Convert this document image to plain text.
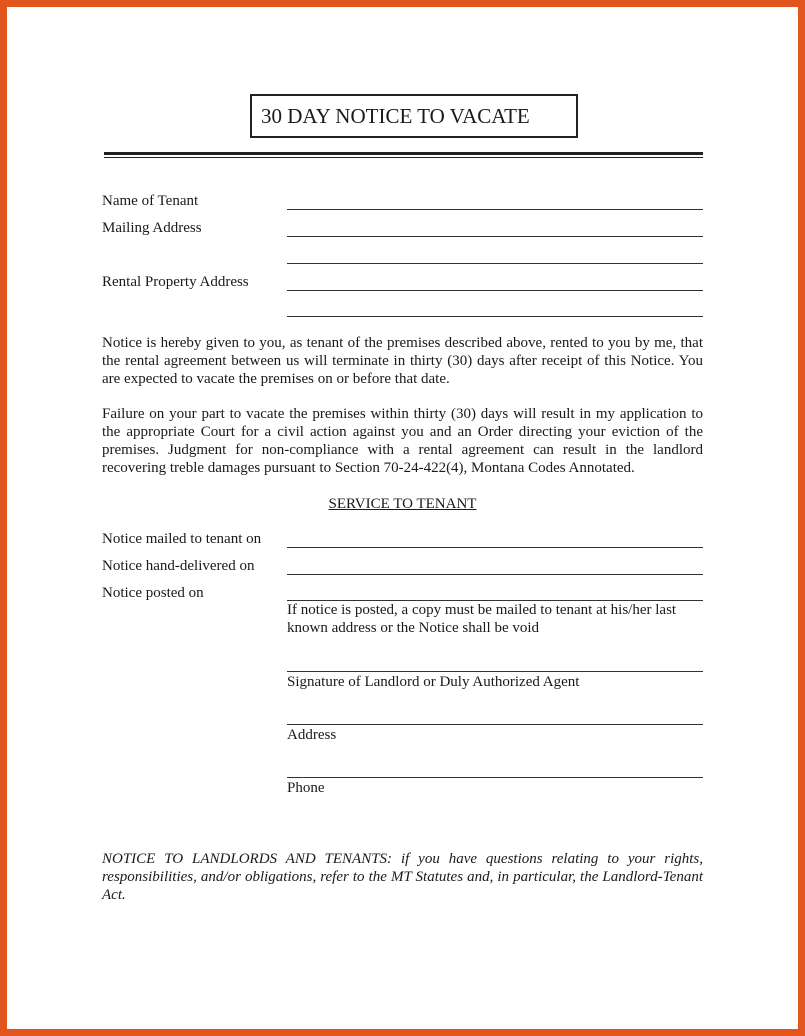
30 DAY NOTICE TO VACATE
Name of Tenant
Mailing Address
Rental Property Address

Notice is hereby given to you, as tenant of the premises described above, rented to you by me, that the rental agreement between us will terminate in thirty (30) days after receipt of this Notice. You are expected to vacate the premises on or before that date.

Failure on your part to vacate the premises within thirty (30) days will result in my application to the appropriate Court for a civil action against you and an Order directing your eviction of the premises. Judgment for non-compliance with a rental agreement can result in the landlord recovering treble damages pursuant to Section 70-24-422(4), Montana Codes Annotated.

SERVICE TO TENANT
Notice mailed to tenant on
Notice hand-delivered on
Notice posted on
If notice is posted, a copy must be mailed to tenant at his/her last known address or the Notice shall be void
Signature of Landlord or Duly Authorized Agent
Address
Phone

NOTICE TO LANDLORDS AND TENANTS: if you have questions relating to your rights, responsibilities, and/or obligations, refer to the MT Statutes and, in particular, the Landlord-Tenant Act.
